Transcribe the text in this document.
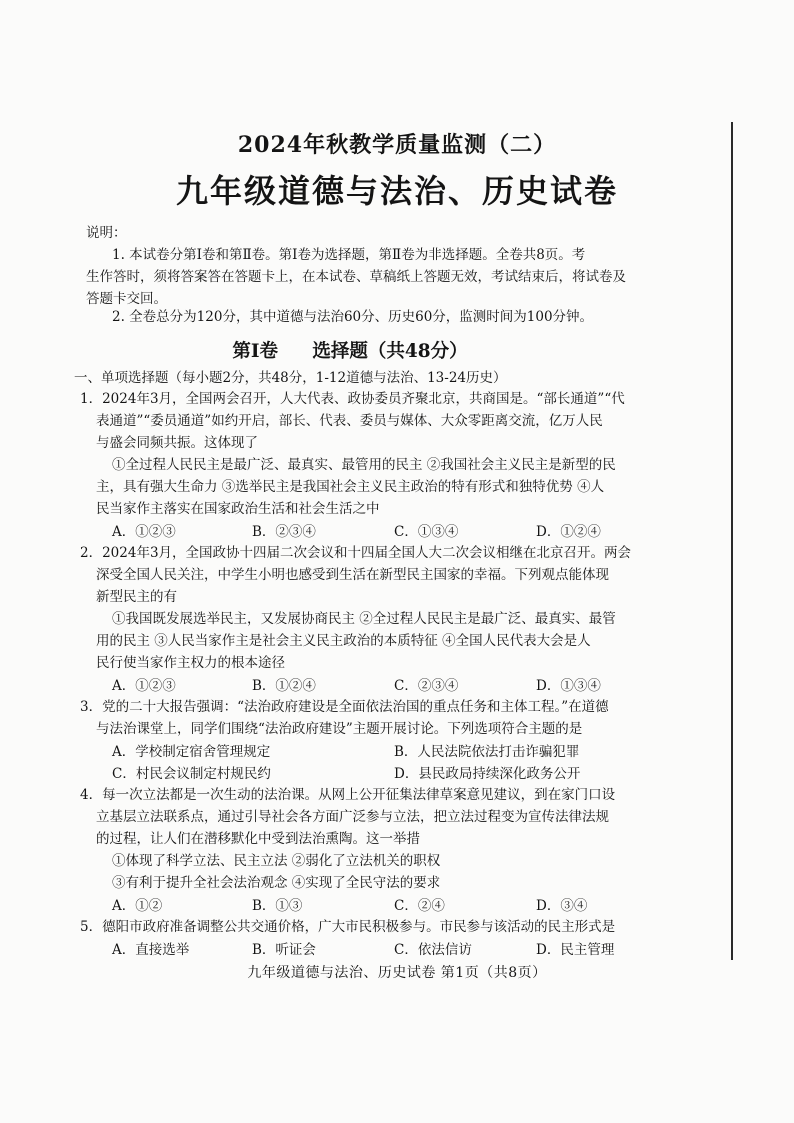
2024年秋教学质量监测（二）
九年级道德与法治、历史试卷
说明：
1. 本试卷分第Ⅰ卷和第Ⅱ卷。第Ⅰ卷为选择题，第Ⅱ卷为非选择题。全卷共8页。考
生作答时，须将答案答在答题卡上，在本试卷、草稿纸上答题无效，考试结束后，将试卷及
答题卡交回。
2. 全卷总分为120分，其中道德与法治60分、历史60分，监测时间为100分钟。
第Ⅰ卷 选择题（共48分）
一、单项选择题（每小题2分，共48分，1-12道德与法治、13-24历史）
1．2024年3月，全国两会召开，人大代表、政协委员齐聚北京，共商国是。“部长通道”“代
表通道”“委员通道”如约开启，部长、代表、委员与媒体、大众零距离交流，亿万人民
与盛会同频共振。这体现了
①全过程人民民主是最广泛、最真实、最管用的民主 ②我国社会主义民主是新型的民
主，具有强大生命力 ③选举民主是我国社会主义民主政治的特有形式和独特优势 ④人
民当家作主落实在国家政治生活和社会生活之中
A．①②③	B．②③④	C．①③④	D．①②④
2．2024年3月，全国政协十四届二次会议和十四届全国人大二次会议相继在北京召开。两会
深受全国人民关注，中学生小明也感受到生活在新型民主国家的幸福。下列观点能体现
新型民主的有
①我国既发展选举民主，又发展协商民主 ②全过程人民民主是最广泛、最真实、最管
用的民主 ③人民当家作主是社会主义民主政治的本质特征 ④全国人民代表大会是人
民行使当家作主权力的根本途径
A．①②③	B．①②④	C．②③④	D．①③④
3．党的二十大报告强调：“法治政府建设是全面依法治国的重点任务和主体工程。”在道德
与法治课堂上，同学们围绕“法治政府建设”主题开展讨论。下列选项符合主题的是
A．学校制定宿舍管理规定	B．人民法院依法打击诈骗犯罪
C．村民会议制定村规民约	D．县民政局持续深化政务公开
4．每一次立法都是一次生动的法治课。从网上公开征集法律草案意见建议，到在家门口设
立基层立法联系点，通过引导社会各方面广泛参与立法，把立法过程变为宣传法律法规
的过程，让人们在潜移默化中受到法治熏陶。这一举措
①体现了科学立法、民主立法 ②弱化了立法机关的职权
③有利于提升全社会法治观念 ④实现了全民守法的要求
A．①②	B．①③	C．②④	D．③④
5．德阳市政府准备调整公共交通价格，广大市民积极参与。市民参与该活动的民主形式是
A．直接选举	B．听证会	C．依法信访	D．民主管理
九年级道德与法治、历史试卷 第1页（共8页）
